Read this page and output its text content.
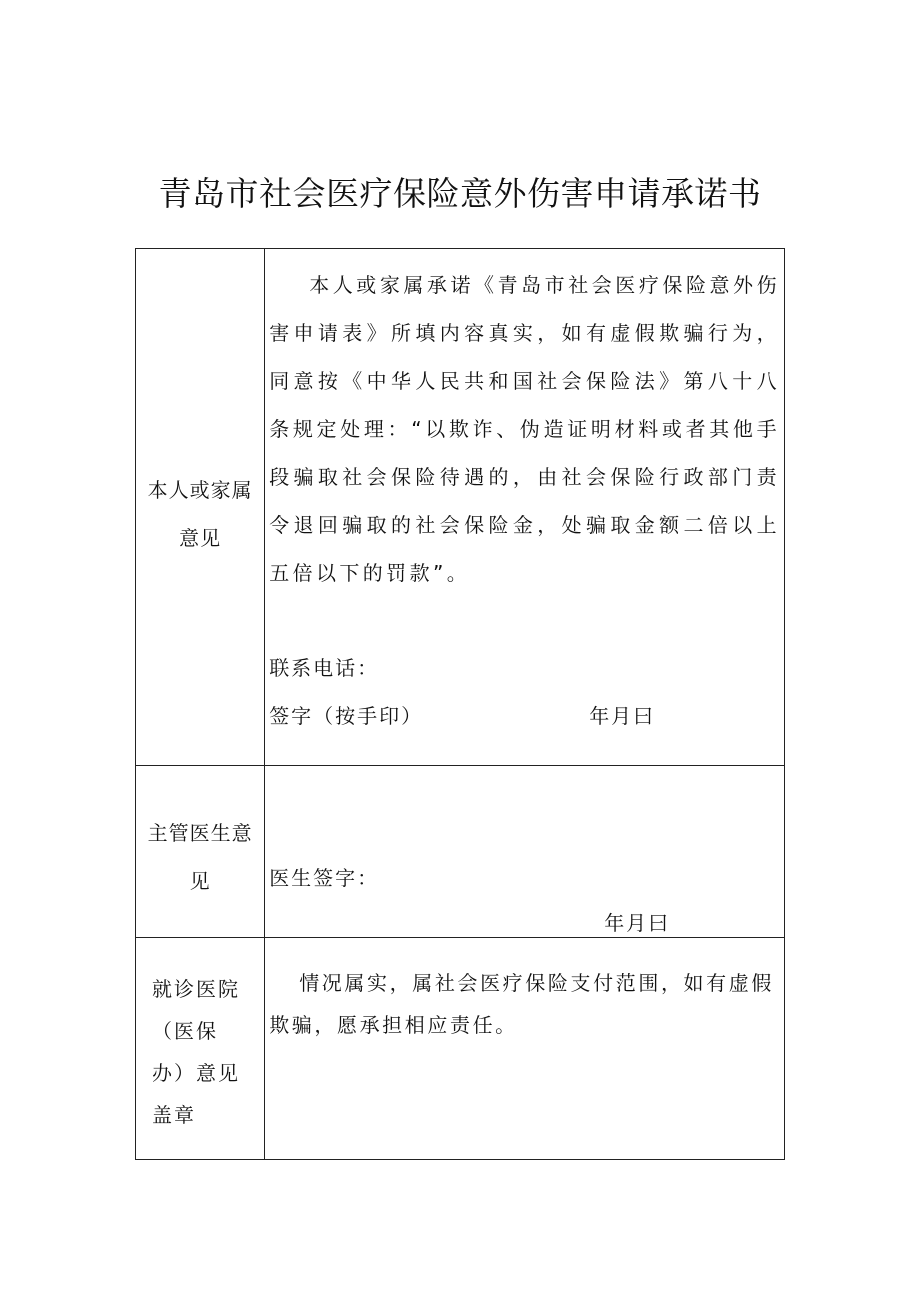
青岛市社会医疗保险意外伤害申请承诺书
本人或家属意见	本人或家属承诺《青岛市社会医疗保险意外伤害申请表》所填内容真实，如有虚假欺骗行为，同意按《中华人民共和国社会保险法》第八十八条规定处理：“以欺诈、伪造证明材料或者其他手段骗取社会保险待遇的，由社会保险行政部门责令退回骗取的社会保险金，处骗取金额二倍以上五倍以下的罚款”。

联系电话：
签字（按手印） 年月曰

主管医生意见	医生签字：
年月曰

就诊医院
（医保
办）意见
盖章	情况属实，属社会医疗保险支付范围，如有虚假欺骗，愿承担相应责任。
